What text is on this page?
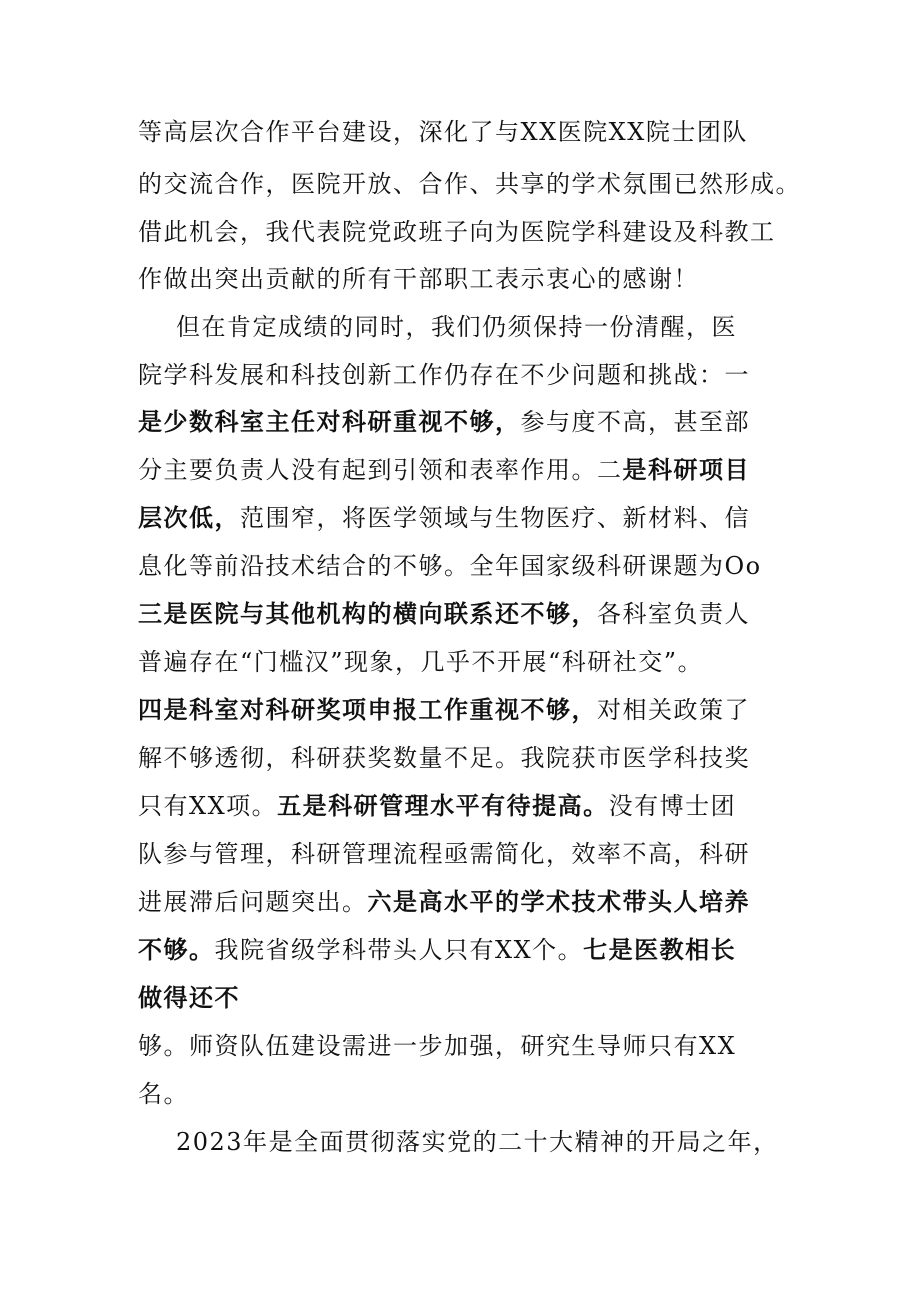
等高层次合作平台建设，深化了与XX医院XX院士团队
的交流合作，医院开放、合作、共享的学术氛围已然形成。
借此机会，我代表院党政班子向为医院学科建设及科教工
作做出突出贡献的所有干部职工表示衷心的感谢！
但在肯定成绩的同时，我们仍须保持一份清醒，医
院学科发展和科技创新工作仍存在不少问题和挑战：一
是少数科室主任对科研重视不够，参与度不高，甚至部
分主要负责人没有起到引领和表率作用。二是科研项目
层次低，范围窄，将医学领域与生物医疗、新材料、信
息化等前沿技术结合的不够。全年国家级科研课题为Oo
三是医院与其他机构的横向联系还不够，各科室负责人
普遍存在“门槛汉”现象，几乎不开展“科研社交”。
四是科室对科研奖项申报工作重视不够，对相关政策了
解不够透彻，科研获奖数量不足。我院获市医学科技奖
只有XX项。五是科研管理水平有待提高。没有博士团
队参与管理，科研管理流程亟需简化，效率不高，科研
进展滞后问题突出。六是高水平的学术技术带头人培养
不够。我院省级学科带头人只有XX个。七是医教相长
做得还不
够。师资队伍建设需进一步加强，研究生导师只有XX
名。
2023年是全面贯彻落实党的二十大精神的开局之年，
